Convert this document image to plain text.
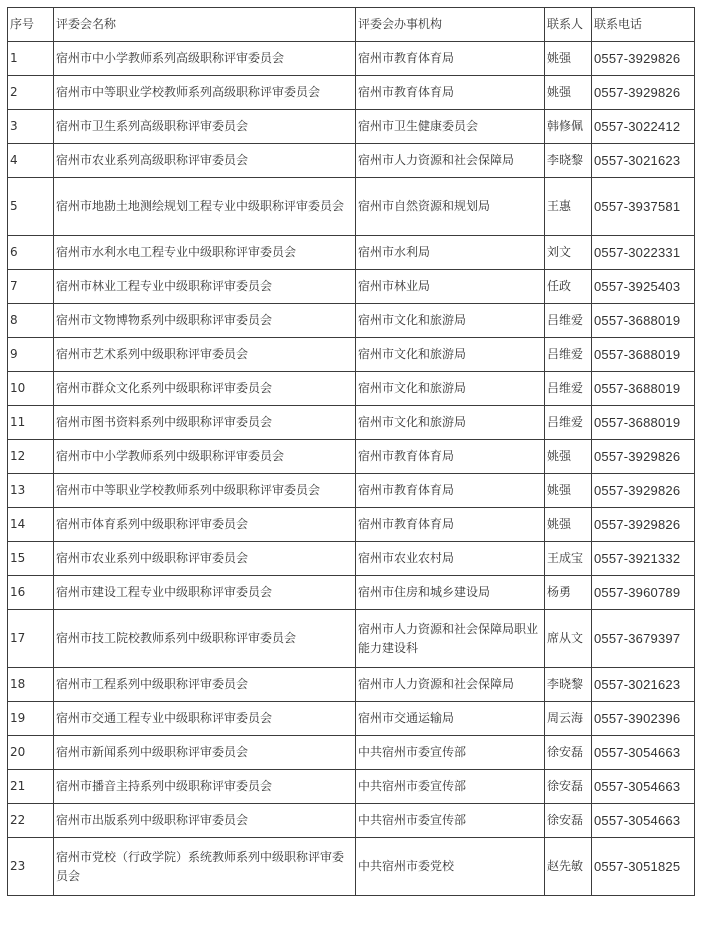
序号	评委会名称	评委会办事机构	联系人	联系电话
1	宿州市中小学教师系列高级职称评审委员会	宿州市教育体育局	姚强	0557-3929826
2	宿州市中等职业学校教师系列高级职称评审委员会	宿州市教育体育局	姚强	0557-3929826
3	宿州市卫生系列高级职称评审委员会	宿州市卫生健康委员会	韩修佩	0557-3022412
4	宿州市农业系列高级职称评审委员会	宿州市人力资源和社会保障局	李晓黎	0557-3021623
5	宿州市地勘土地测绘规划工程专业中级职称评审委员会	宿州市自然资源和规划局	王惠	0557-3937581
6	宿州市水利水电工程专业中级职称评审委员会	宿州市水利局	刘文	0557-3022331
7	宿州市林业工程专业中级职称评审委员会	宿州市林业局	任政	0557-3925403
8	宿州市文物博物系列中级职称评审委员会	宿州市文化和旅游局	吕维爱	0557-3688019
9	宿州市艺术系列中级职称评审委员会	宿州市文化和旅游局	吕维爱	0557-3688019
10	宿州市群众文化系列中级职称评审委员会	宿州市文化和旅游局	吕维爱	0557-3688019
11	宿州市图书资料系列中级职称评审委员会	宿州市文化和旅游局	吕维爱	0557-3688019
12	宿州市中小学教师系列中级职称评审委员会	宿州市教育体育局	姚强	0557-3929826
13	宿州市中等职业学校教师系列中级职称评审委员会	宿州市教育体育局	姚强	0557-3929826
14	宿州市体育系列中级职称评审委员会	宿州市教育体育局	姚强	0557-3929826
15	宿州市农业系列中级职称评审委员会	宿州市农业农村局	王成宝	0557-3921332
16	宿州市建设工程专业中级职称评审委员会	宿州市住房和城乡建设局	杨勇	0557-3960789
17	宿州市技工院校教师系列中级职称评审委员会	宿州市人力资源和社会保障局职业能力建设科	席从文	0557-3679397
18	宿州市工程系列中级职称评审委员会	宿州市人力资源和社会保障局	李晓黎	0557-3021623
19	宿州市交通工程专业中级职称评审委员会	宿州市交通运输局	周云海	0557-3902396
20	宿州市新闻系列中级职称评审委员会	中共宿州市委宣传部	徐安磊	0557-3054663
21	宿州市播音主持系列中级职称评审委员会	中共宿州市委宣传部	徐安磊	0557-3054663
22	宿州市出版系列中级职称评审委员会	中共宿州市委宣传部	徐安磊	0557-3054663
23	宿州市党校（行政学院）系统教师系列中级职称评审委员会	中共宿州市委党校	赵先敏	0557-3051825
